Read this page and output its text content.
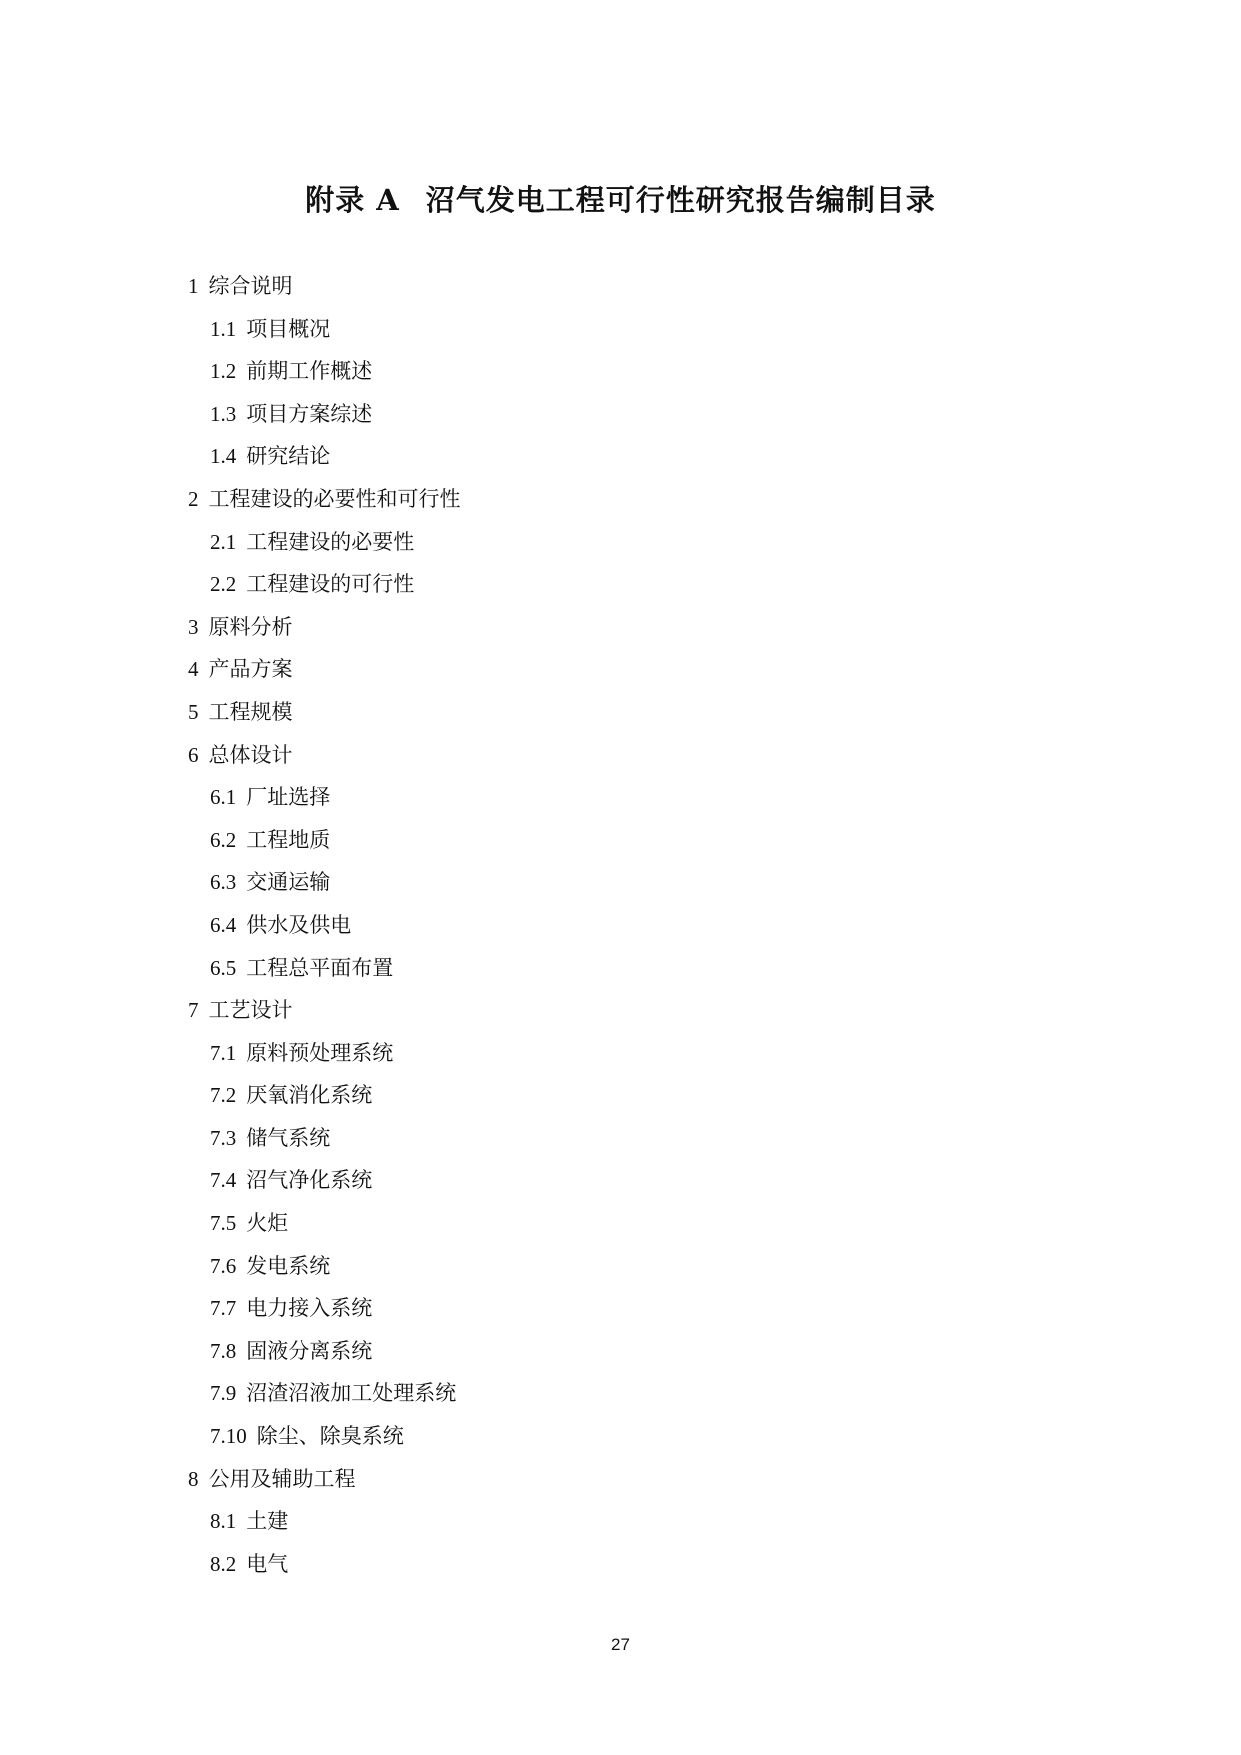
附录 A 沼气发电工程可行性研究报告编制目录
1 综合说明
1.1 项目概况
1.2 前期工作概述
1.3 项目方案综述
1.4 研究结论
2 工程建设的必要性和可行性
2.1 工程建设的必要性
2.2 工程建设的可行性
3 原料分析
4 产品方案
5 工程规模
6 总体设计
6.1 厂址选择
6.2 工程地质
6.3 交通运输
6.4 供水及供电
6.5 工程总平面布置
7 工艺设计
7.1 原料预处理系统
7.2 厌氧消化系统
7.3 储气系统
7.4 沼气净化系统
7.5 火炬
7.6 发电系统
7.7 电力接入系统
7.8 固液分离系统
7.9 沼渣沼液加工处理系统
7.10 除尘、除臭系统
8 公用及辅助工程
8.1 土建
8.2 电气
27
